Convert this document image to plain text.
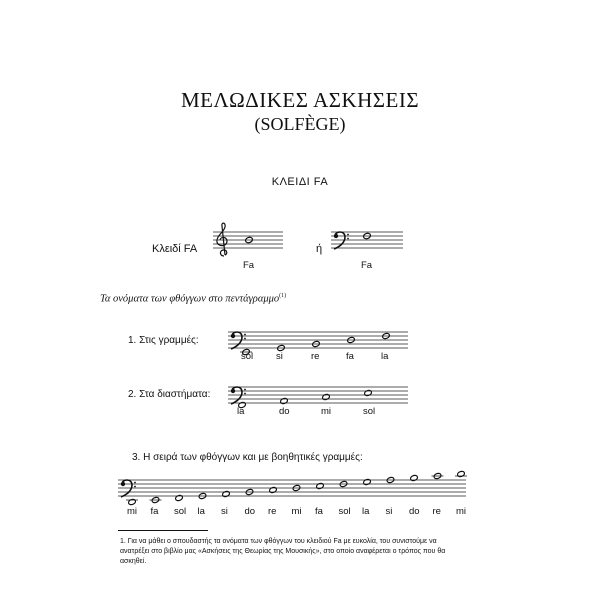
ΜΕΛΩΔΙΚΕΣ ΑΣΚΗΣΕΙΣ
(SOLFÈGE)
ΚΛΕΙΔΙ FA
Κλειδί FA	ή
Fa	Fa
Τα ονόματα των φθόγγων στο πεντάγραμμο$^{(1)}$
1. Στις γραμμές:
sol si	re	fa	la
2. Στα διαστήματα:
la	do	mi	sol
3. Η σειρά των φθόγγων και με βοηθητικές γραμμές:
mi fa sol la si do re mi fa sol la si do re mi
1. Για να μάθει ο σπουδαστής τα ονόματα των φθόγγων του κλειδιού Fa με ευκολία, του συνιστούμε να ανατρέξει στο βιβλίο μας «Ασκήσεις της Θεωρίας της Μουσικής», στο οποίο αναφέρεται ο τρόπος που θα ασκηθεί.
